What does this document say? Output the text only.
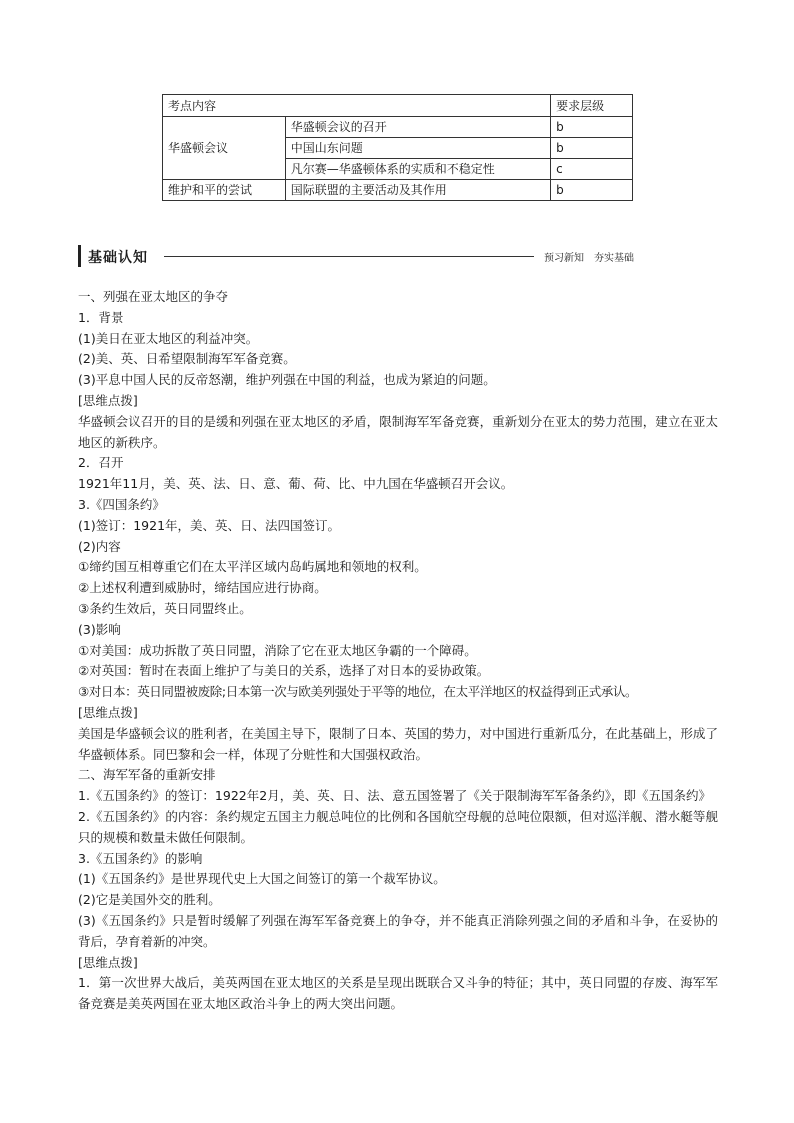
考点内容		要求层级
华盛顿会议	华盛顿会议的召开	b
	中国山东问题	b
	凡尔赛—华盛顿体系的实质和不稳定性	c
维护和平的尝试	国际联盟的主要活动及其作用	b
基础认知	预习新知　夯实基础

一、列强在亚太地区的争夺

1．背景

(1)美日在亚太地区的利益冲突。

(2)美、英、日希望限制海军军备竞赛。

(3)平息中国人民的反帝怒潮，维护列强在中国的利益，也成为紧迫的问题。

[思维点拨]

华盛顿会议召开的目的是缓和列强在亚太地区的矛盾，限制海军军备竞赛，重新划分在亚太的势力范围，建立在亚太地区的新秩序。

2．召开

1921年11月，美、英、法、日、意、葡、荷、比、中九国在华盛顿召开会议。

3.《四国条约》

(1)签订：1921年，美、英、日、法四国签订。

(2)内容

①缔约国互相尊重它们在太平洋区域内岛屿属地和领地的权利。

②上述权利遭到威胁时，缔结国应进行协商。

③条约生效后，英日同盟终止。

(3)影响

①对美国：成功拆散了英日同盟，消除了它在亚太地区争霸的一个障碍。

②对英国：暂时在表面上维护了与美日的关系，选择了对日本的妥协政策。

③对日本：英日同盟被废除;日本第一次与欧美列强处于平等的地位，在太平洋地区的权益得到正式承认。

[思维点拨]

美国是华盛顿会议的胜利者，在美国主导下，限制了日本、英国的势力，对中国进行重新瓜分，在此基础上，形成了华盛顿体系。同巴黎和会一样，体现了分赃性和大国强权政治。

二、海军军备的重新安排

1.《五国条约》的签订：1922年2月，美、英、日、法、意五国签署了《关于限制海军军备条约》，即《五国条约》

2.《五国条约》的内容：条约规定五国主力舰总吨位的比例和各国航空母舰的总吨位限额，但对巡洋舰、潜水艇等舰只的规模和数量未做任何限制。

3.《五国条约》的影响

(1)《五国条约》是世界现代史上大国之间签订的第一个裁军协议。

(2)它是美国外交的胜利。

(3)《五国条约》只是暂时缓解了列强在海军军备竞赛上的争夺，并不能真正消除列强之间的矛盾和斗争，在妥协的背后，孕育着新的冲突。

[思维点拨]

1．第一次世界大战后，美英两国在亚太地区的关系是呈现出既联合又斗争的特征；其中，英日同盟的存废、海军军备竞赛是美英两国在亚太地区政治斗争上的两大突出问题。
